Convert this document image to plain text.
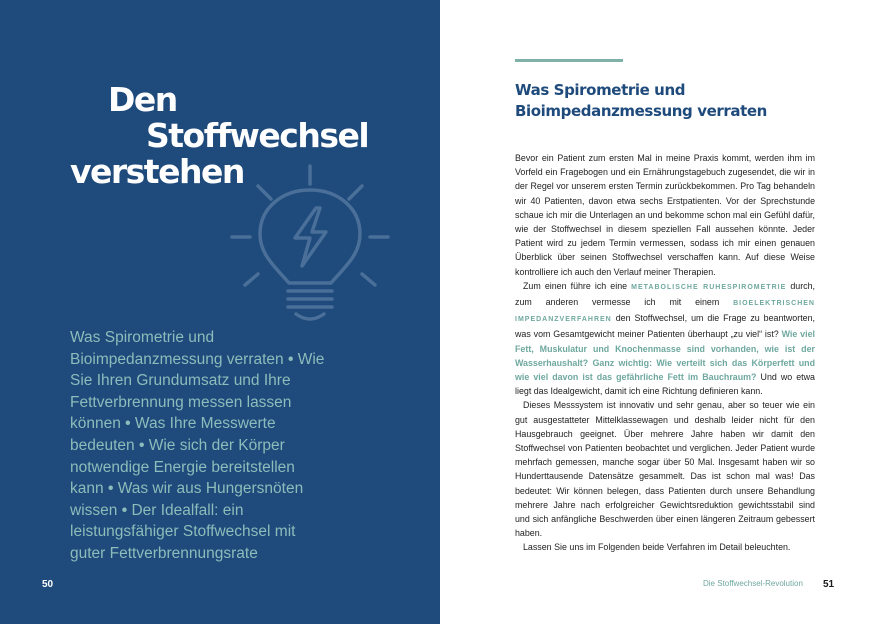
Den
Stoffwechsel
verstehen
Was Spirometrie und Bioimpedanzmessung verraten • Wie Sie Ihren Grundumsatz und Ihre Fettverbrennung messen lassen können • Was Ihre Messwerte bedeuten • Wie sich der Körper notwendige Energie bereitstellen kann • Was wir aus Hungersnöten wissen • Der Idealfall: ein leistungsfähiger Stoffwechsel mit guter Fettverbrennungsrate
50
Was Spirometrie und
Bioimpedanzmessung verraten

Bevor ein Patient zum ersten Mal in meine Praxis kommt, werden ihm im Vorfeld ein Fragebogen und ein Ernährungstagebuch zugesendet, die wir in der Regel vor unserem ersten Termin zurückbekommen. Pro Tag behandeln wir 40 Patienten, davon etwa sechs Erstpatienten. Vor der Sprechstunde schaue ich mir die Unterlagen an und bekomme schon mal ein Gefühl dafür, wie der Stoffwechsel in diesem speziellen Fall aussehen könnte. Jeder Patient wird zu jedem Termin vermessen, sodass ich mir einen genauen Überblick über seinen Stoffwechsel verschaffen kann. Auf diese Weise kontrolliere ich auch den Verlauf meiner Therapien.

Zum einen führe ich eine METABOLISCHE RUHESPIROMETRIE durch, zum anderen vermesse ich mit einem BIOELEKTRISCHEN IMPEDANZVERFAHREN den Stoffwechsel, um die Frage zu beantworten, was vom Gesamtgewicht meiner Patienten überhaupt „zu viel“ ist? Wie viel Fett, Muskulatur und Knochenmasse sind vorhanden, wie ist der Wasserhaushalt? Ganz wichtig: Wie verteilt sich das Körperfett und wie viel davon ist das gefährliche Fett im Bauchraum? Und wo etwa liegt das Idealgewicht, damit ich eine Richtung definieren kann.

Dieses Messsystem ist innovativ und sehr genau, aber so teuer wie ein gut ausgestatteter Mittelklassewagen und deshalb leider nicht für den Hausgebrauch geeignet. Über mehrere Jahre haben wir damit den Stoffwechsel von Patienten beobachtet und verglichen. Jeder Patient wurde mehrfach gemessen, manche sogar über 50 Mal. Insgesamt haben wir so Hunderttausende Datensätze gesammelt. Das ist schon mal was! Das bedeutet: Wir können belegen, dass Patienten durch unsere Behandlung mehrere Jahre nach erfolgreicher Gewichtsreduktion gewichtsstabil sind und sich anfängliche Beschwerden über einen längeren Zeitraum gebessert haben.

Lassen Sie uns im Folgenden beide Verfahren im Detail beleuchten.

Die Stoffwechsel-Revolution 51
